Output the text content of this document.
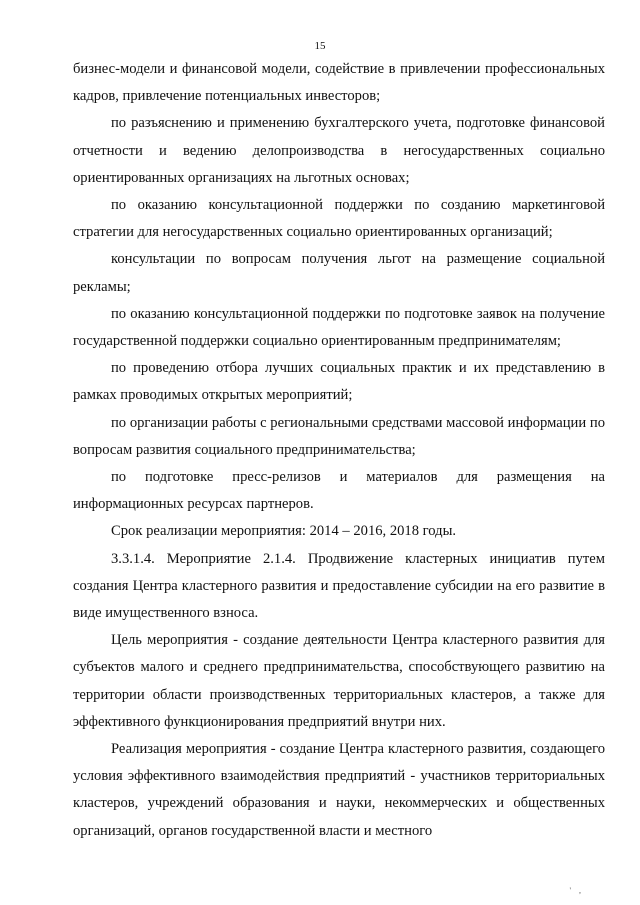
15

бизнес-модели и финансовой модели, содействие в привлечении профессиональных кадров, привлечение потенциальных инвесторов;

по разъяснению и применению бухгалтерского учета, подготовке финансовой отчетности и ведению делопроизводства в негосударственных социально ориентированных организациях на льготных основах;

по оказанию консультационной поддержки по созданию маркетинговой стратегии для негосударственных социально ориентированных организаций;

консультации по вопросам получения льгот на размещение социальной рекламы;

по оказанию консультационной поддержки по подготовке заявок на получение государственной поддержки социально ориентированным предпринимателям;

по проведению отбора лучших социальных практик и их представлению в рамках проводимых открытых мероприятий;

по организации работы с региональными средствами массовой информации по вопросам развития социального предпринимательства;

по подготовке пресс-релизов и материалов для размещения на информационных ресурсах партнеров.

Срок реализации мероприятия: 2014 – 2016, 2018 годы.

3.3.1.4. Мероприятие 2.1.4. Продвижение кластерных инициатив путем создания Центра кластерного развития и предоставление субсидии на его развитие в виде имущественного взноса.

Цель мероприятия - создание деятельности Центра кластерного развития для субъектов малого и среднего предпринимательства, способствующего развитию на территории области производственных территориальных кластеров, а также для эффективного функционирования предприятий внутри них.

Реализация мероприятия - создание Центра кластерного развития, создающего условия эффективного взаимодействия предприятий - участников территориальных кластеров, учреждений образования и науки, некоммерческих и общественных организаций, органов государственной власти и местного

' ,
